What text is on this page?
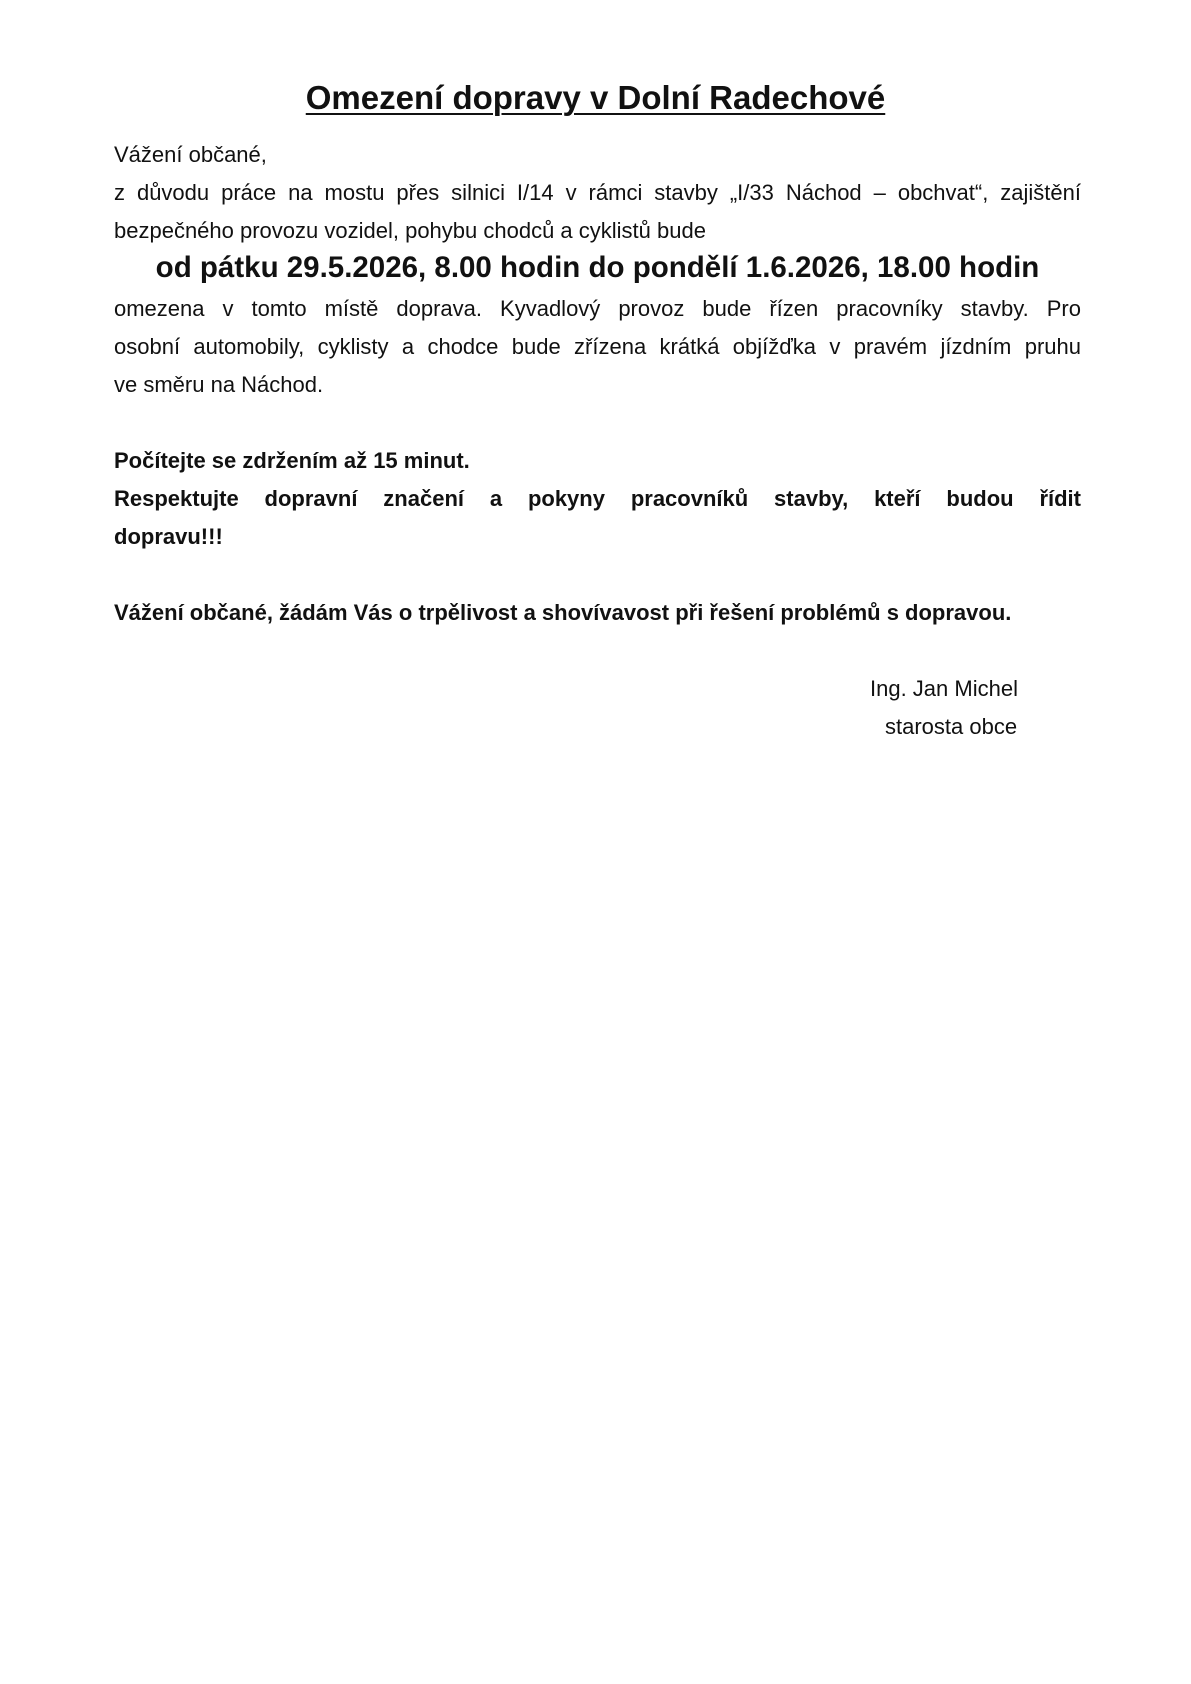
Omezení dopravy v Dolní Radechové
Vážení občané,
z důvodu práce na mostu přes silnici I/14 v rámci stavby „I/33 Náchod – obchvat“, zajištění
bezpečného provozu vozidel, pohybu chodců a cyklistů bude
od pátku 29.5.2026, 8.00 hodin do pondělí 1.6.2026, 18.00 hodin
omezena v tomto místě doprava. Kyvadlový provoz bude řízen pracovníky stavby. Pro
osobní automobily, cyklisty a chodce bude zřízena krátká objížďka v pravém jízdním pruhu
ve směru na Náchod.
Počítejte se zdržením až 15 minut.
Respektujte dopravní značení a pokyny pracovníků stavby, kteří budou řídit
dopravu!!!
Vážení občané, žádám Vás o trpělivost a shovívavost při řešení problémů s dopravou.
Ing. Jan Michel
starosta obce
